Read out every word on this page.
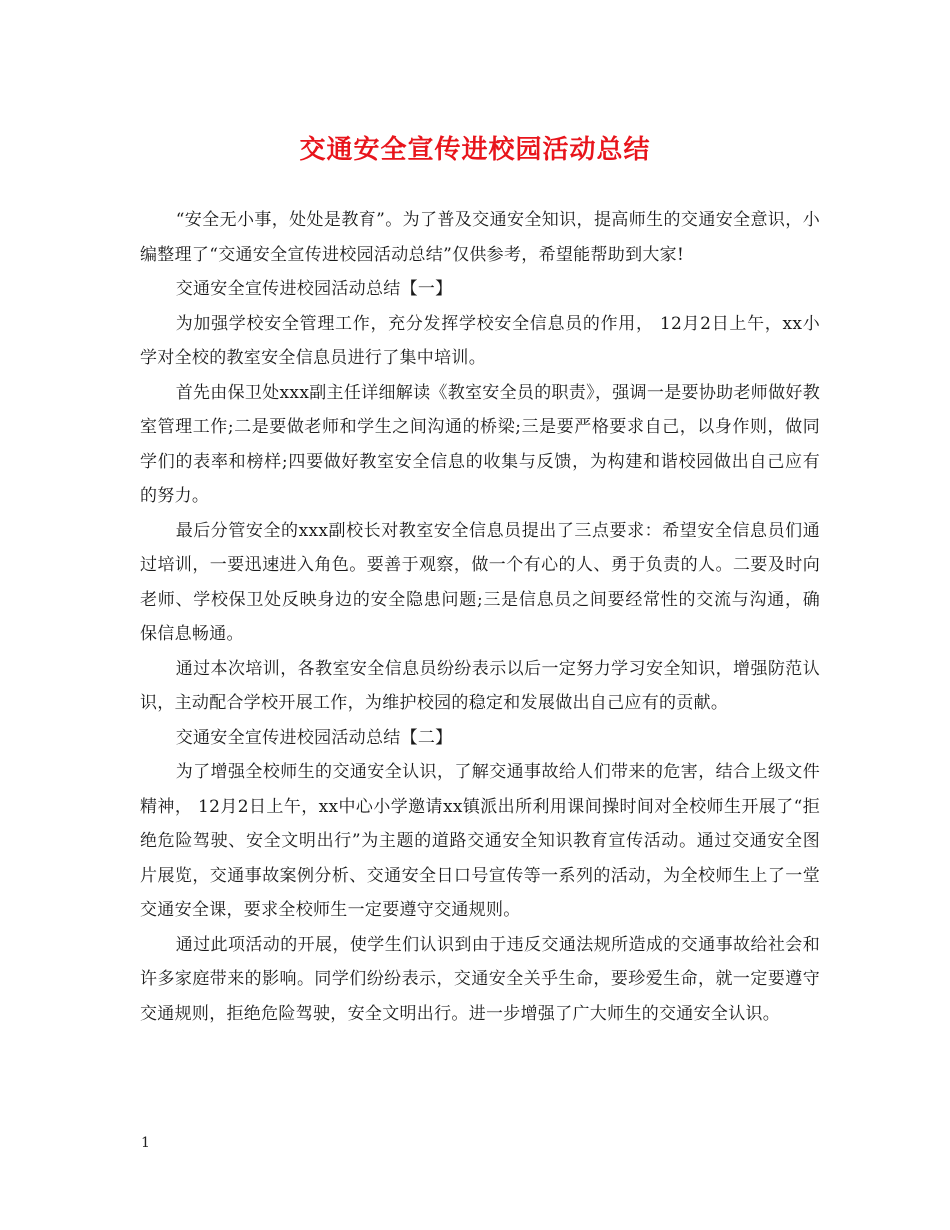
交通安全宣传进校园活动总结

“安全无小事，处处是教育”。为了普及交通安全知识，提高师生的交通安全意识，小编整理了“交通安全宣传进校园活动总结”仅供参考，希望能帮助到大家!

交通安全宣传进校园活动总结【一】

为加强学校安全管理工作，充分发挥学校安全信息员的作用， 12月2日上午，xx小学对全校的教室安全信息员进行了集中培训。

首先由保卫处xxx副主任详细解读《教室安全员的职责》，强调一是要协助老师做好教室管理工作;二是要做老师和学生之间沟通的桥梁;三是要严格要求自己，以身作则，做同学们的表率和榜样;四要做好教室安全信息的收集与反馈，为构建和谐校园做出自己应有的努力。

最后分管安全的xxx副校长对教室安全信息员提出了三点要求：希望安全信息员们通过培训，一要迅速进入角色。要善于观察，做一个有心的人、勇于负责的人。二要及时向老师、学校保卫处反映身边的安全隐患问题;三是信息员之间要经常性的交流与沟通，确保信息畅通。

通过本次培训，各教室安全信息员纷纷表示以后一定努力学习安全知识，增强防范认识，主动配合学校开展工作，为维护校园的稳定和发展做出自己应有的贡献。

交通安全宣传进校园活动总结【二】

为了增强全校师生的交通安全认识，了解交通事故给人们带来的危害，结合上级文件精神， 12月2日上午，xx中心小学邀请xx镇派出所利用课间操时间对全校师生开展了“拒绝危险驾驶、安全文明出行”为主题的道路交通安全知识教育宣传活动。通过交通安全图片展览，交通事故案例分析、交通安全日口号宣传等一系列的活动，为全校师生上了一堂交通安全课，要求全校师生一定要遵守交通规则。

通过此项活动的开展，使学生们认识到由于违反交通法规所造成的交通事故给社会和许多家庭带来的影响。同学们纷纷表示，交通安全关乎生命，要珍爱生命，就一定要遵守交通规则，拒绝危险驾驶，安全文明出行。进一步增强了广大师生的交通安全认识。

1
